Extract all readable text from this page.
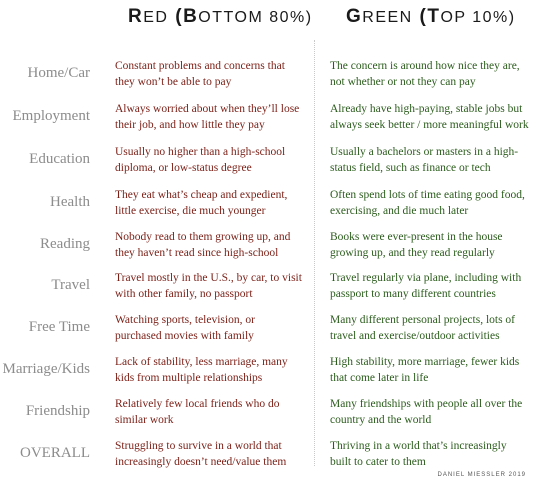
RED (BOTTOM 80%) GREEN (TOP 10%)
Home/Car Constant problems and concerns that
they won’t be able to pay
The concern is around how nice they are,
not whether or not they can pay
Employment Always worried about when they’ll lose
their job, and how little they pay
Already have high-paying, stable jobs but
always seek better / more meaningful work
Education Usually no higher than a high-school
diploma, or low-status degree
Usually a bachelors or masters in a high-
status field, such as finance or tech
Health They eat what’s cheap and expedient,
little exercise, die much younger
Often spend lots of time eating good food,
exercising, and die much later
Reading Nobody read to them growing up, and
they haven’t read since high-school
Books were ever-present in the house
growing up, and they read regularly
Travel Travel mostly in the U.S., by car, to visit
with other family, no passport
Travel regularly via plane, including with
passport to many different countries
Free Time Watching sports, television, or
purchased movies with family
Many different personal projects, lots of
travel and exercise/outdoor activities
Marriage/Kids Lack of stability, less marriage, many
kids from multiple relationships
High stability, more marriage, fewer kids
that come later in life
Friendship Relatively few local friends who do
similar work
Many friendships with people all over the
country and the world
OVERALL Struggling to survive in a world that
increasingly doesn’t need/value them
Thriving in a world that’s increasingly
built to cater to them
DANIEL MIESSLER 2019
